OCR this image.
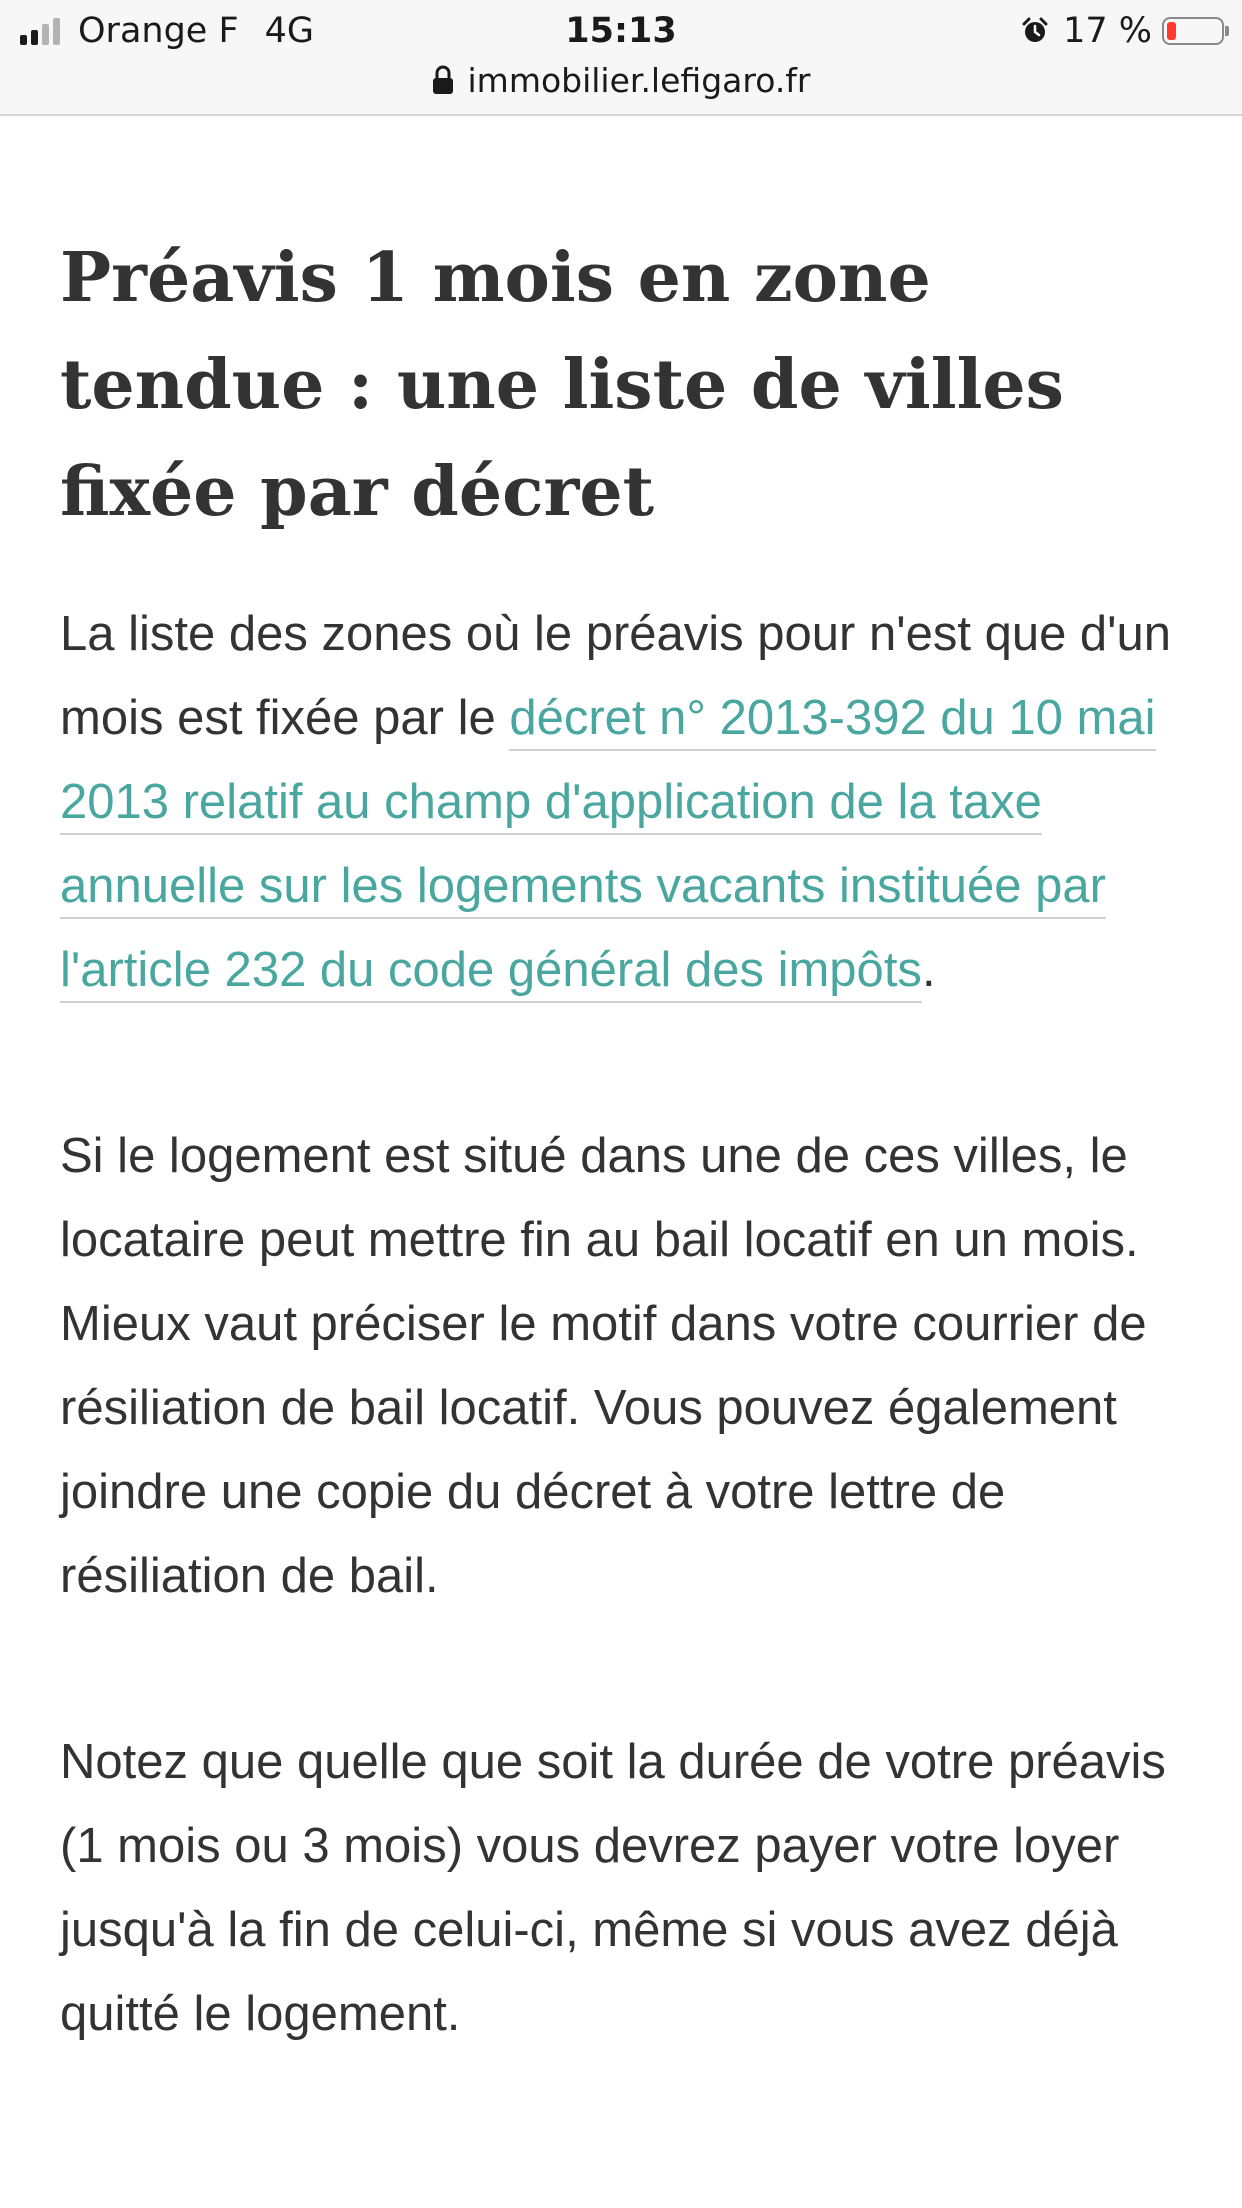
Orange F 4G	15:13	17 %
immobilier.lefigaro.fr
Préavis 1 mois en zone tendue : une liste de villes fixée par décret

La liste des zones où le préavis pour n'est que d'un mois est fixée par le décret n° 2013-392 du 10 mai 2013 relatif au champ d'application de la taxe annuelle sur les logements vacants instituée par l'article 232 du code général des impôts.

Si le logement est situé dans une de ces villes, le locataire peut mettre fin au bail locatif en un mois. Mieux vaut préciser le motif dans votre courrier de résiliation de bail locatif. Vous pouvez également joindre une copie du décret à votre lettre de résiliation de bail.

Notez que quelle que soit la durée de votre préavis (1 mois ou 3 mois) vous devrez payer votre loyer jusqu'à la fin de celui-ci, même si vous avez déjà quitté le logement.
